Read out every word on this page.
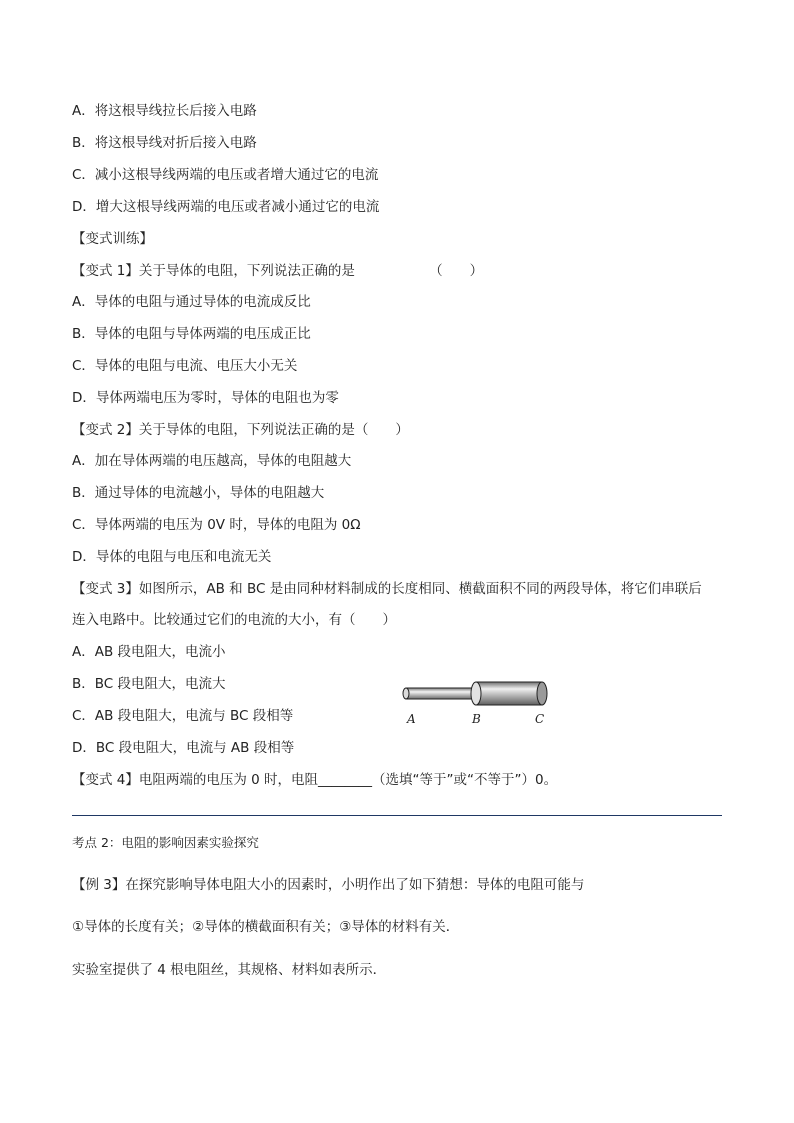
A．将这根导线拉长后接入电路
B．将这根导线对折后接入电路
C．减小这根导线两端的电压或者增大通过它的电流
D．增大这根导线两端的电压或者减小通过它的电流
【变式训练】
【变式 1】关于导体的电阻，下列说法正确的是　　　　　　（　　）
A．导体的电阻与通过导体的电流成反比
B．导体的电阻与导体两端的电压成正比
C．导体的电阻与电流、电压大小无关
D．导体两端电压为零时，导体的电阻也为零
【变式 2】关于导体的电阻，下列说法正确的是（　　）
A．加在导体两端的电压越高，导体的电阻越大
B．通过导体的电流越小，导体的电阻越大
C．导体两端的电压为 0V 时，导体的电阻为 0Ω
D．导体的电阻与电压和电流无关
【变式 3】如图所示，AB 和 BC 是由同种材料制成的长度相同、横截面积不同的两段导体，将它们串联后
连入电路中。比较通过它们的电流的大小，有（　　）
A．AB 段电阻大，电流小
B．BC 段电阻大，电流大
C．AB 段电阻大，电流与 BC 段相等
D．BC 段电阻大，电流与 AB 段相等
A	B	C
【变式 4】电阻两端的电压为 0 时，电阻________（选填“等于”或“不等于”）0。
考点 2：电阻的影响因素实验探究
【例 3】在探究影响导体电阻大小的因素时，小明作出了如下猜想：导体的电阻可能与
①导体的长度有关；②导体的横截面积有关；③导体的材料有关．
实验室提供了 4 根电阻丝，其规格、材料如表所示．
